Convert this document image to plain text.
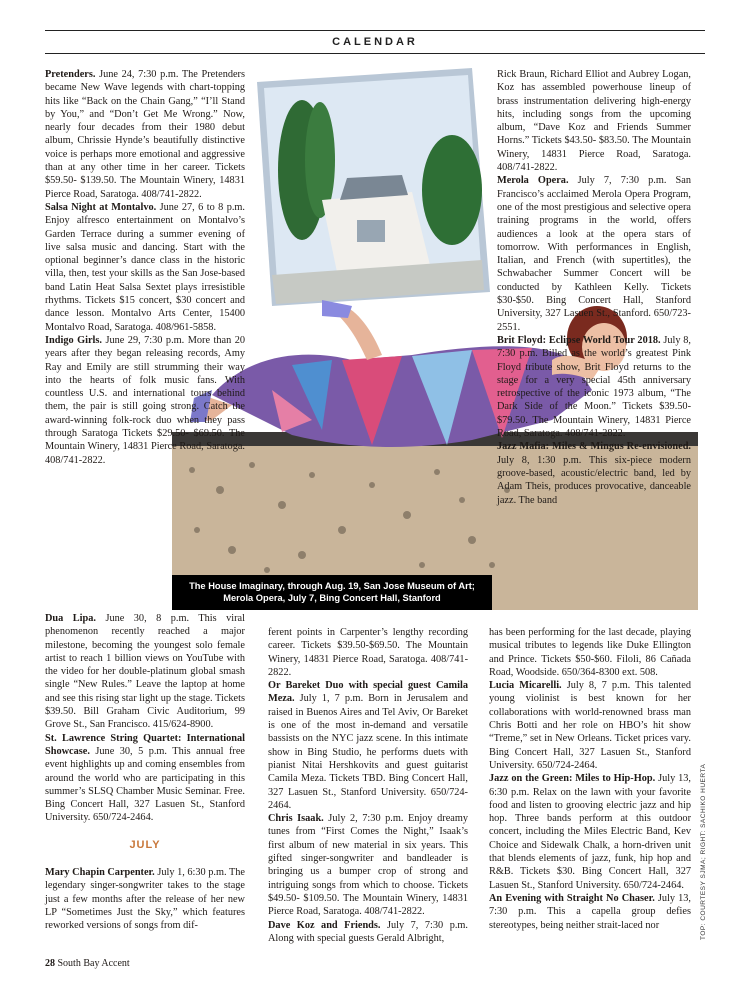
CALENDAR
The House Imaginary, through Aug. 19, San Jose Museum of Art;
Merola Opera, July 7, Bing Concert Hall, Stanford
TOP: COURTESY SJMA; RIGHT: SACHIKO HUERTA

Pretenders. June 24, 7:30 p.m. The Pretenders became New Wave legends with chart-topping hits like “Back on the Chain Gang,” “I’ll Stand by You,” and “Don’t Get Me Wrong.” Now, nearly four decades from their 1980 debut album, Chrissie Hynde’s beautifully distinctive voice is perhaps more emotional and aggressive than at any other time in her career. Tickets $59.50- $139.50. The Mountain Winery, 14831 Pierce Road, Saratoga. 408/741-2822.

Salsa Night at Montalvo. June 27, 6 to 8 p.m. Enjoy alfresco entertainment on Montalvo’s Garden Terrace during a summer evening of live salsa music and dancing. Start with the optional beginner’s dance class in the historic villa, then, test your skills as the San Jose-based band Latin Heat Salsa Sextet plays irresistible rhythms. Tickets $15 concert, $30 concert and dance lesson. Montalvo Arts Center, 15400 Montalvo Road, Saratoga. 408/961-5858.

Indigo Girls. June 29, 7:30 p.m. More than 20 years after they began releasing records, Amy Ray and Emily are still strumming their way into the hearts of folk music fans. With countless U.S. and international tours behind them, the pair is still going strong. Catch the award-winning folk-rock duo when they pass through Saratoga Tickets $29.50- $69.50. The Mountain Winery, 14831 Pierce Road, Saratoga. 408/741-2822.

Dua Lipa. June 30, 8 p.m. This viral phenomenon recently reached a major milestone, becoming the youngest solo female artist to reach 1 billion views on YouTube with the video for her double-platinum global smash single “New Rules.” Leave the laptop at home and see this rising star light up the stage. Tickets $39.50. Bill Graham Civic Auditorium, 99 Grove St., San Francisco. 415/624-8900.

St. Lawrence String Quartet: International Showcase. June 30, 5 p.m. This annual free event highlights up and coming ensembles from around the world who are participating in this summer’s SLSQ Chamber Music Seminar. Free. Bing Concert Hall, 327 Lasuen St., Stanford University. 650/724-2464.

JULY

Mary Chapin Carpenter. July 1, 6:30 p.m. The legendary singer-songwriter takes to the stage just a few months after the release of her new LP “Sometimes Just the Sky,” which features reworked versions of songs from dif-

ferent points in Carpenter’s lengthy recording career. Tickets $39.50-$69.50. The Mountain Winery, 14831 Pierce Road, Saratoga. 408/741-2822.

Or Bareket Duo with special guest Camila Meza. July 1, 7 p.m. Born in Jerusalem and raised in Buenos Aires and Tel Aviv, Or Bareket is one of the most in-demand and versatile bassists on the NYC jazz scene. In this intimate show in Bing Studio, he performs duets with pianist Nitai Hershkovits and guest guitarist Camila Meza. Tickets TBD. Bing Concert Hall, 327 Lasuen St., Stanford University. 650/724-2464.

Chris Isaak. July 2, 7:30 p.m. Enjoy dreamy tunes from “First Comes the Night,” Isaak’s first album of new material in six years. This gifted singer-songwriter and bandleader is bringing us a bumper crop of strong and intriguing songs from which to choose. Tickets $49.50- $109.50. The Mountain Winery, 14831 Pierce Road, Saratoga. 408/741-2822.

Dave Koz and Friends. July 7, 7:30 p.m. Along with special guests Gerald Albright,

Rick Braun, Richard Elliot and Aubrey Logan, Koz has assembled powerhouse lineup of brass instrumentation delivering high-energy hits, including songs from the upcoming album, “Dave Koz and Friends Summer Horns.” Tickets $43.50- $83.50. The Mountain Winery, 14831 Pierce Road, Saratoga. 408/741-2822.

Merola Opera. July 7, 7:30 p.m. San Francisco’s acclaimed Merola Opera Program, one of the most prestigious and selective opera training programs in the world, offers audiences a look at the opera stars of tomorrow. With performances in English, Italian, and French (with supertitles), the Schwabacher Summer Concert will be conducted by Kathleen Kelly. Tickets $30-$50. Bing Concert Hall, Stanford University, 327 Lasuen St., Stanford. 650/723-2551.

Brit Floyd: Eclipse World Tour 2018. July 8, 7:30 p.m. Billed as the world’s greatest Pink Floyd tribute show, Brit Floyd returns to the stage for a very special 45th anniversary retrospective of the iconic 1973 album, “The Dark Side of the Moon.” Tickets $39.50- $79.50. The Mountain Winery, 14831 Pierce Road, Saratoga. 408/741-2822.

Jazz Mafia: Miles & Mingus Re-envisioned. July 8, 1:30 p.m. This six-piece modern groove-based, acoustic/electric band, led by Adam Theis, produces provocative, danceable jazz. The band

has been performing for the last decade, playing musical tributes to legends like Duke Ellington and Prince. Tickets $50-$60. Filoli, 86 Cañada Road, Woodside. 650/364-8300 ext. 508.

Lucia Micarelli. July 8, 7 p.m. This talented young violinist is best known for her collaborations with world-renowned brass man Chris Botti and her role on HBO’s hit show “Treme,” set in New Orleans. Ticket prices vary. Bing Concert Hall, 327 Lasuen St., Stanford University. 650/724-2464.

Jazz on the Green: Miles to Hip-Hop. July 13, 6:30 p.m. Relax on the lawn with your favorite food and listen to grooving electric jazz and hip hop. Three bands perform at this outdoor concert, including the Miles Electric Band, Kev Choice and Sidewalk Chalk, a horn-driven unit that blends elements of jazz, funk, hip hop and R&B. Tickets $30. Bing Concert Hall, 327 Lasuen St., Stanford University. 650/724-2464.

An Evening with Straight No Chaser. July 13, 7:30 p.m. This a capella group defies stereotypes, being neither strait-laced nor

28 South Bay Accent
